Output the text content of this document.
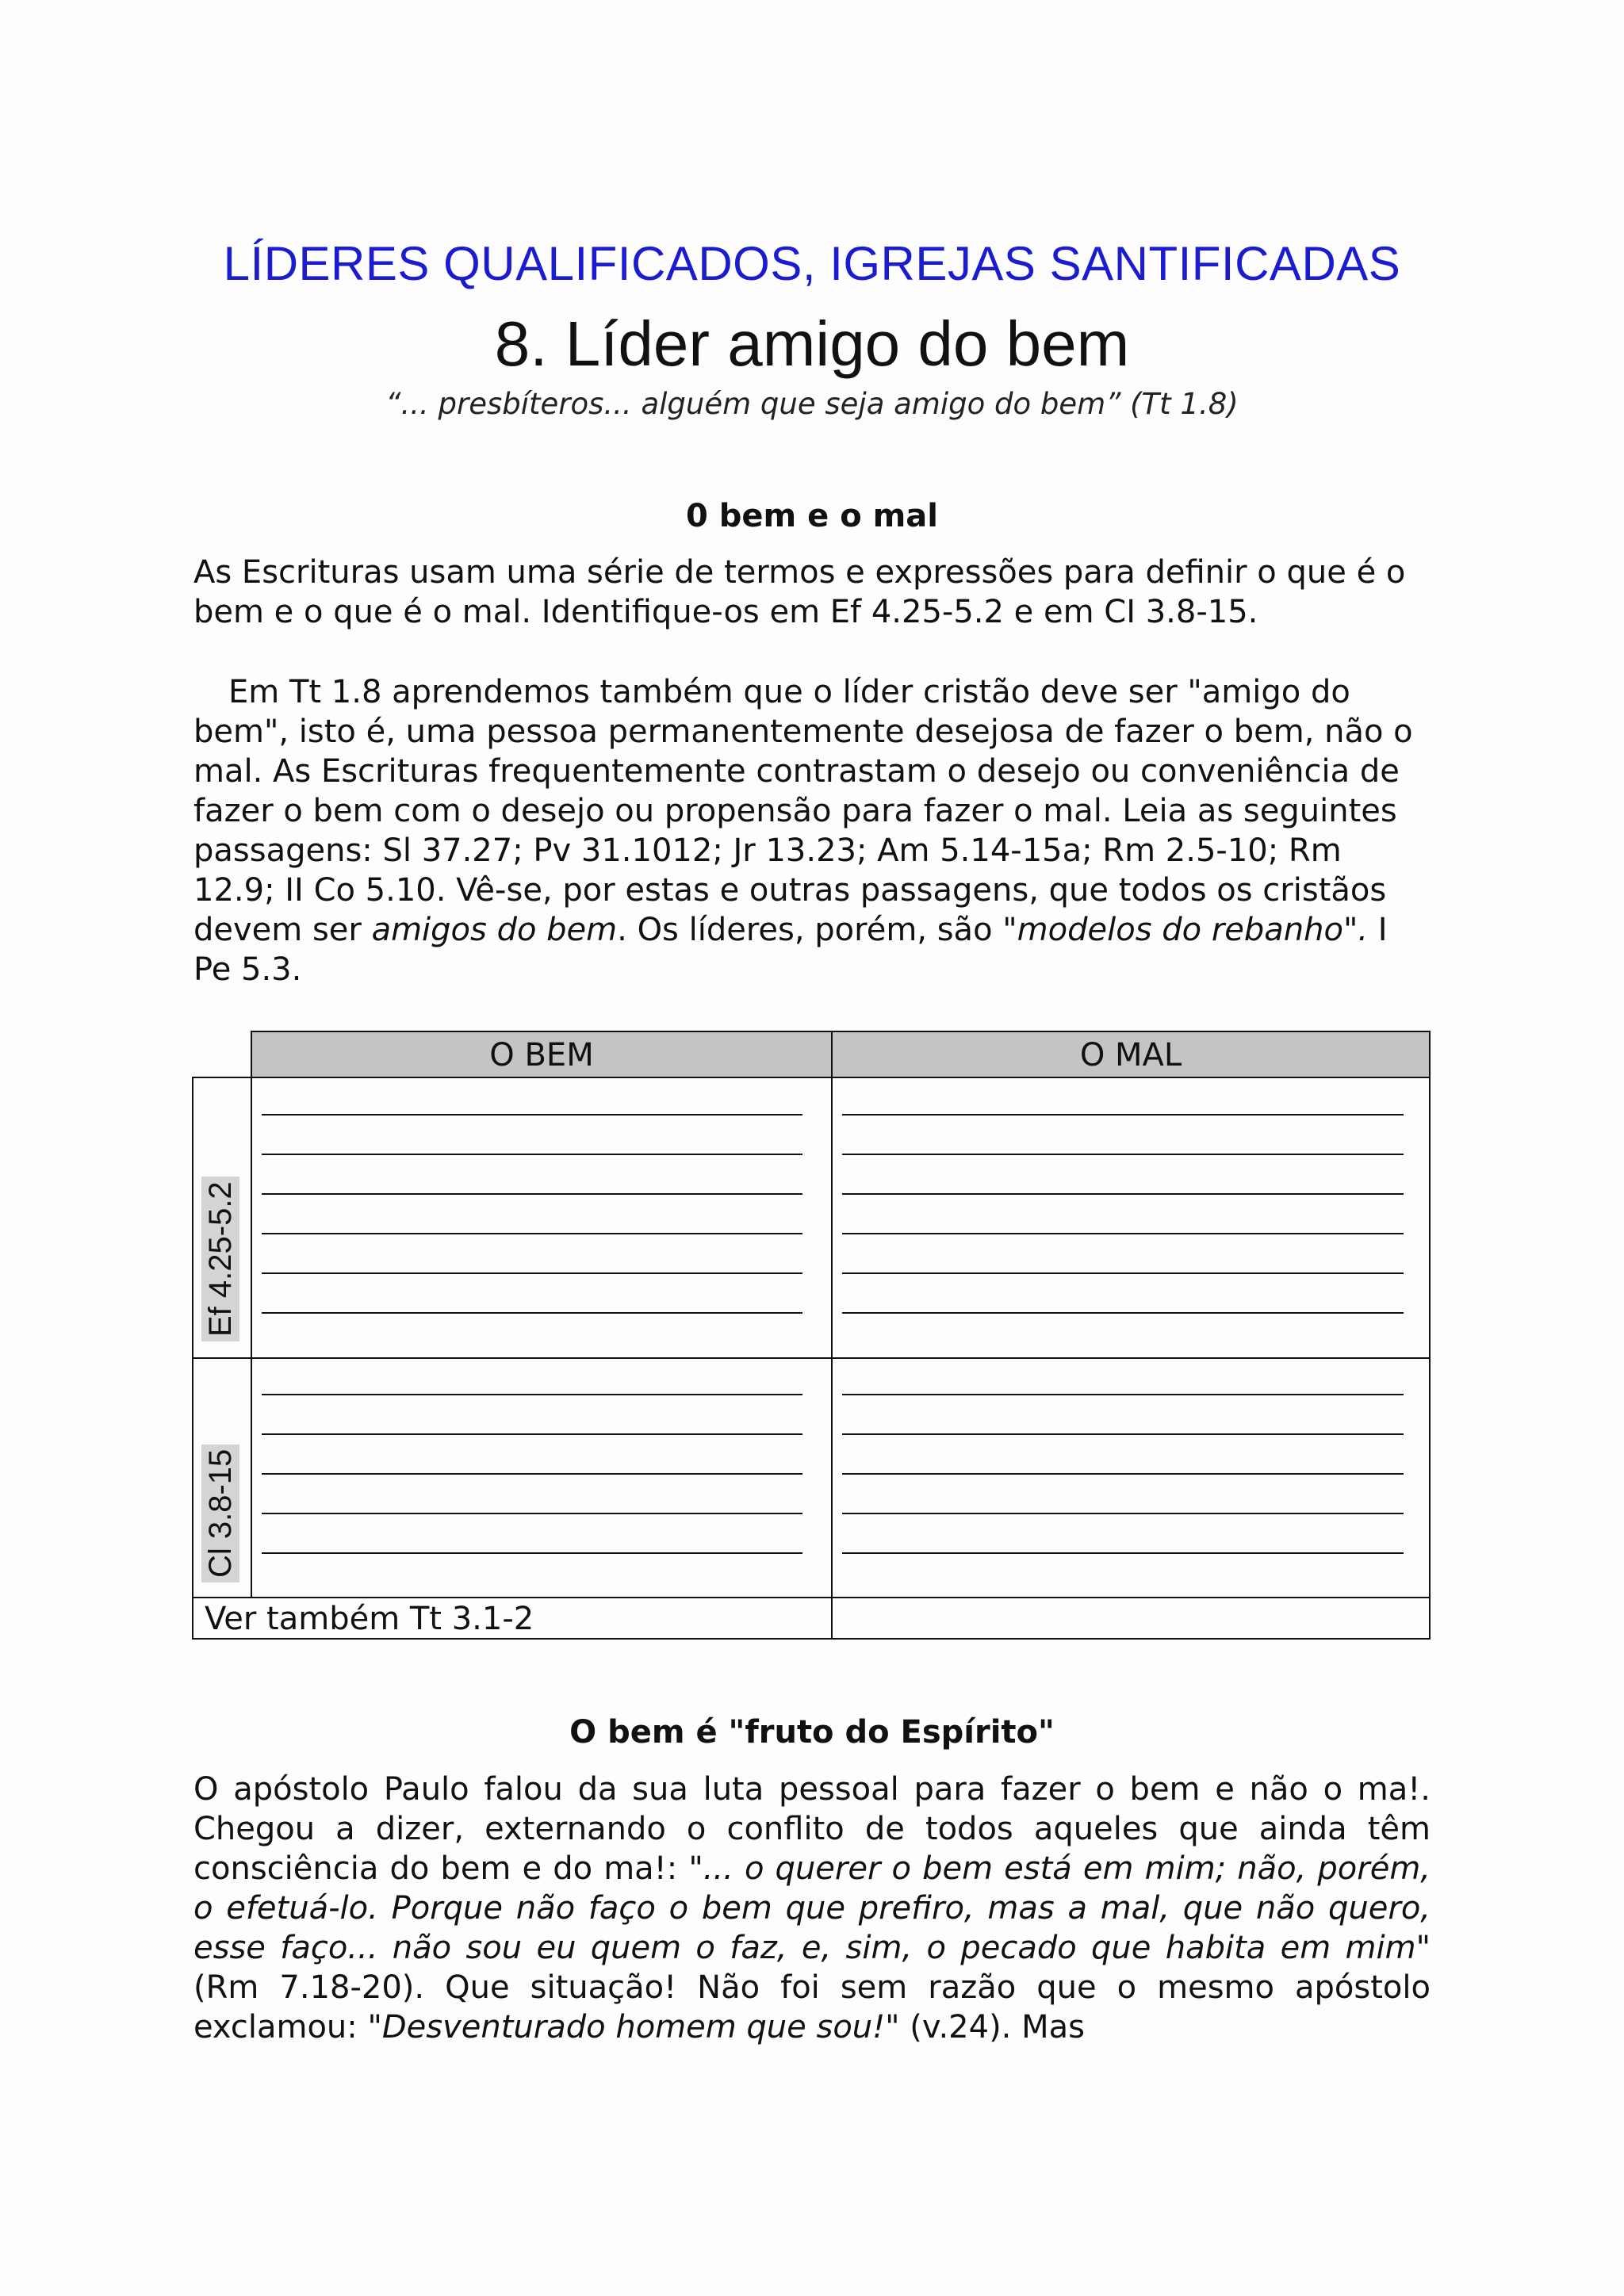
LÍDERES QUALIFICADOS, IGREJAS SANTIFICADAS
8. Líder amigo do bem
“... presbíteros... alguém que seja amigo do bem” (Tt 1.8)
0 bem e o mal
As Escrituras usam uma série de termos e expressões para definir o que é o bem e o que é o mal. Identifique-os em Ef 4.25-5.2 e em CI 3.8-15.
Em Tt 1.8 aprendemos também que o líder cristão deve ser "amigo do bem", isto é, uma pessoa permanentemente desejosa de fazer o bem, não o mal. As Escrituras frequentemente contrastam o desejo ou conveniência de fazer o bem com o desejo ou propensão para fazer o mal. Leia as seguintes passagens: Sl 37.27; Pv 31.1012; Jr 13.23; Am 5.14-15a; Rm 2.5-10; Rm 12.9; II Co 5.10. Vê-se, por estas e outras passagens, que todos os cristãos devem ser amigos do bem. Os líderes, porém, são "modelos do rebanho". I Pe 5.3.
O BEM	O MAL
Ef 4.25-5.2
Cl 3.8-15
Ver também Tt 3.1-2
O bem é "fruto do Espírito"
O apóstolo Paulo falou da sua luta pessoal para fazer o bem e não o ma!. Chegou a dizer, externando o conflito de todos aqueles que ainda têm consciência do bem e do ma!: "... o querer o bem está em mim; não, porém, o efetuá-lo. Porque não faço o bem que prefiro, mas a mal, que não quero, esse faço... não sou eu quem o faz, e, sim, o pecado que habita em mim" (Rm 7.18-20). Que situação! Não foi sem razão que o mesmo apóstolo exclamou: "Desventurado homem que sou!" (v.24). Mas
